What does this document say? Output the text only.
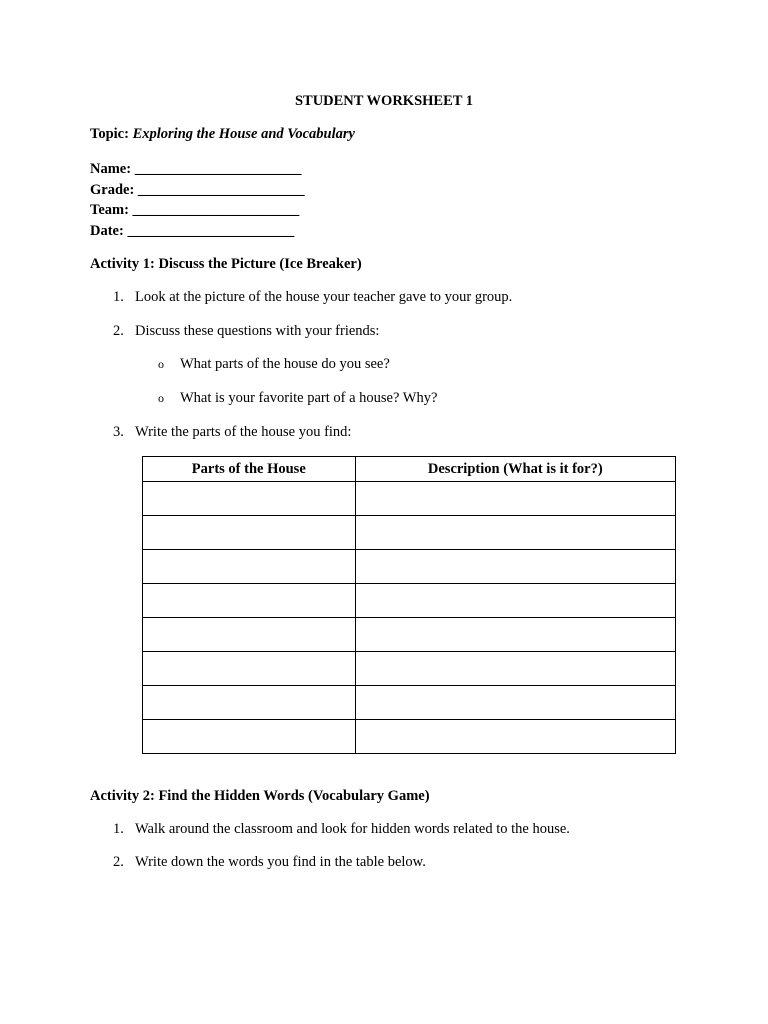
STUDENT WORKSHEET 1
Topic: Exploring the House and Vocabulary
Name: _______________________
Grade: _______________________
Team: _______________________
Date: _______________________
Activity 1: Discuss the Picture (Ice Breaker)
1. Look at the picture of the house your teacher gave to your group.
2. Discuss these questions with your friends:
o What parts of the house do you see?
o What is your favorite part of a house? Why?
3. Write the parts of the house you find:
Parts of the House	Description (What is it for?)

Activity 2: Find the Hidden Words (Vocabulary Game)
1. Walk around the classroom and look for hidden words related to the house.
2. Write down the words you find in the table below.
